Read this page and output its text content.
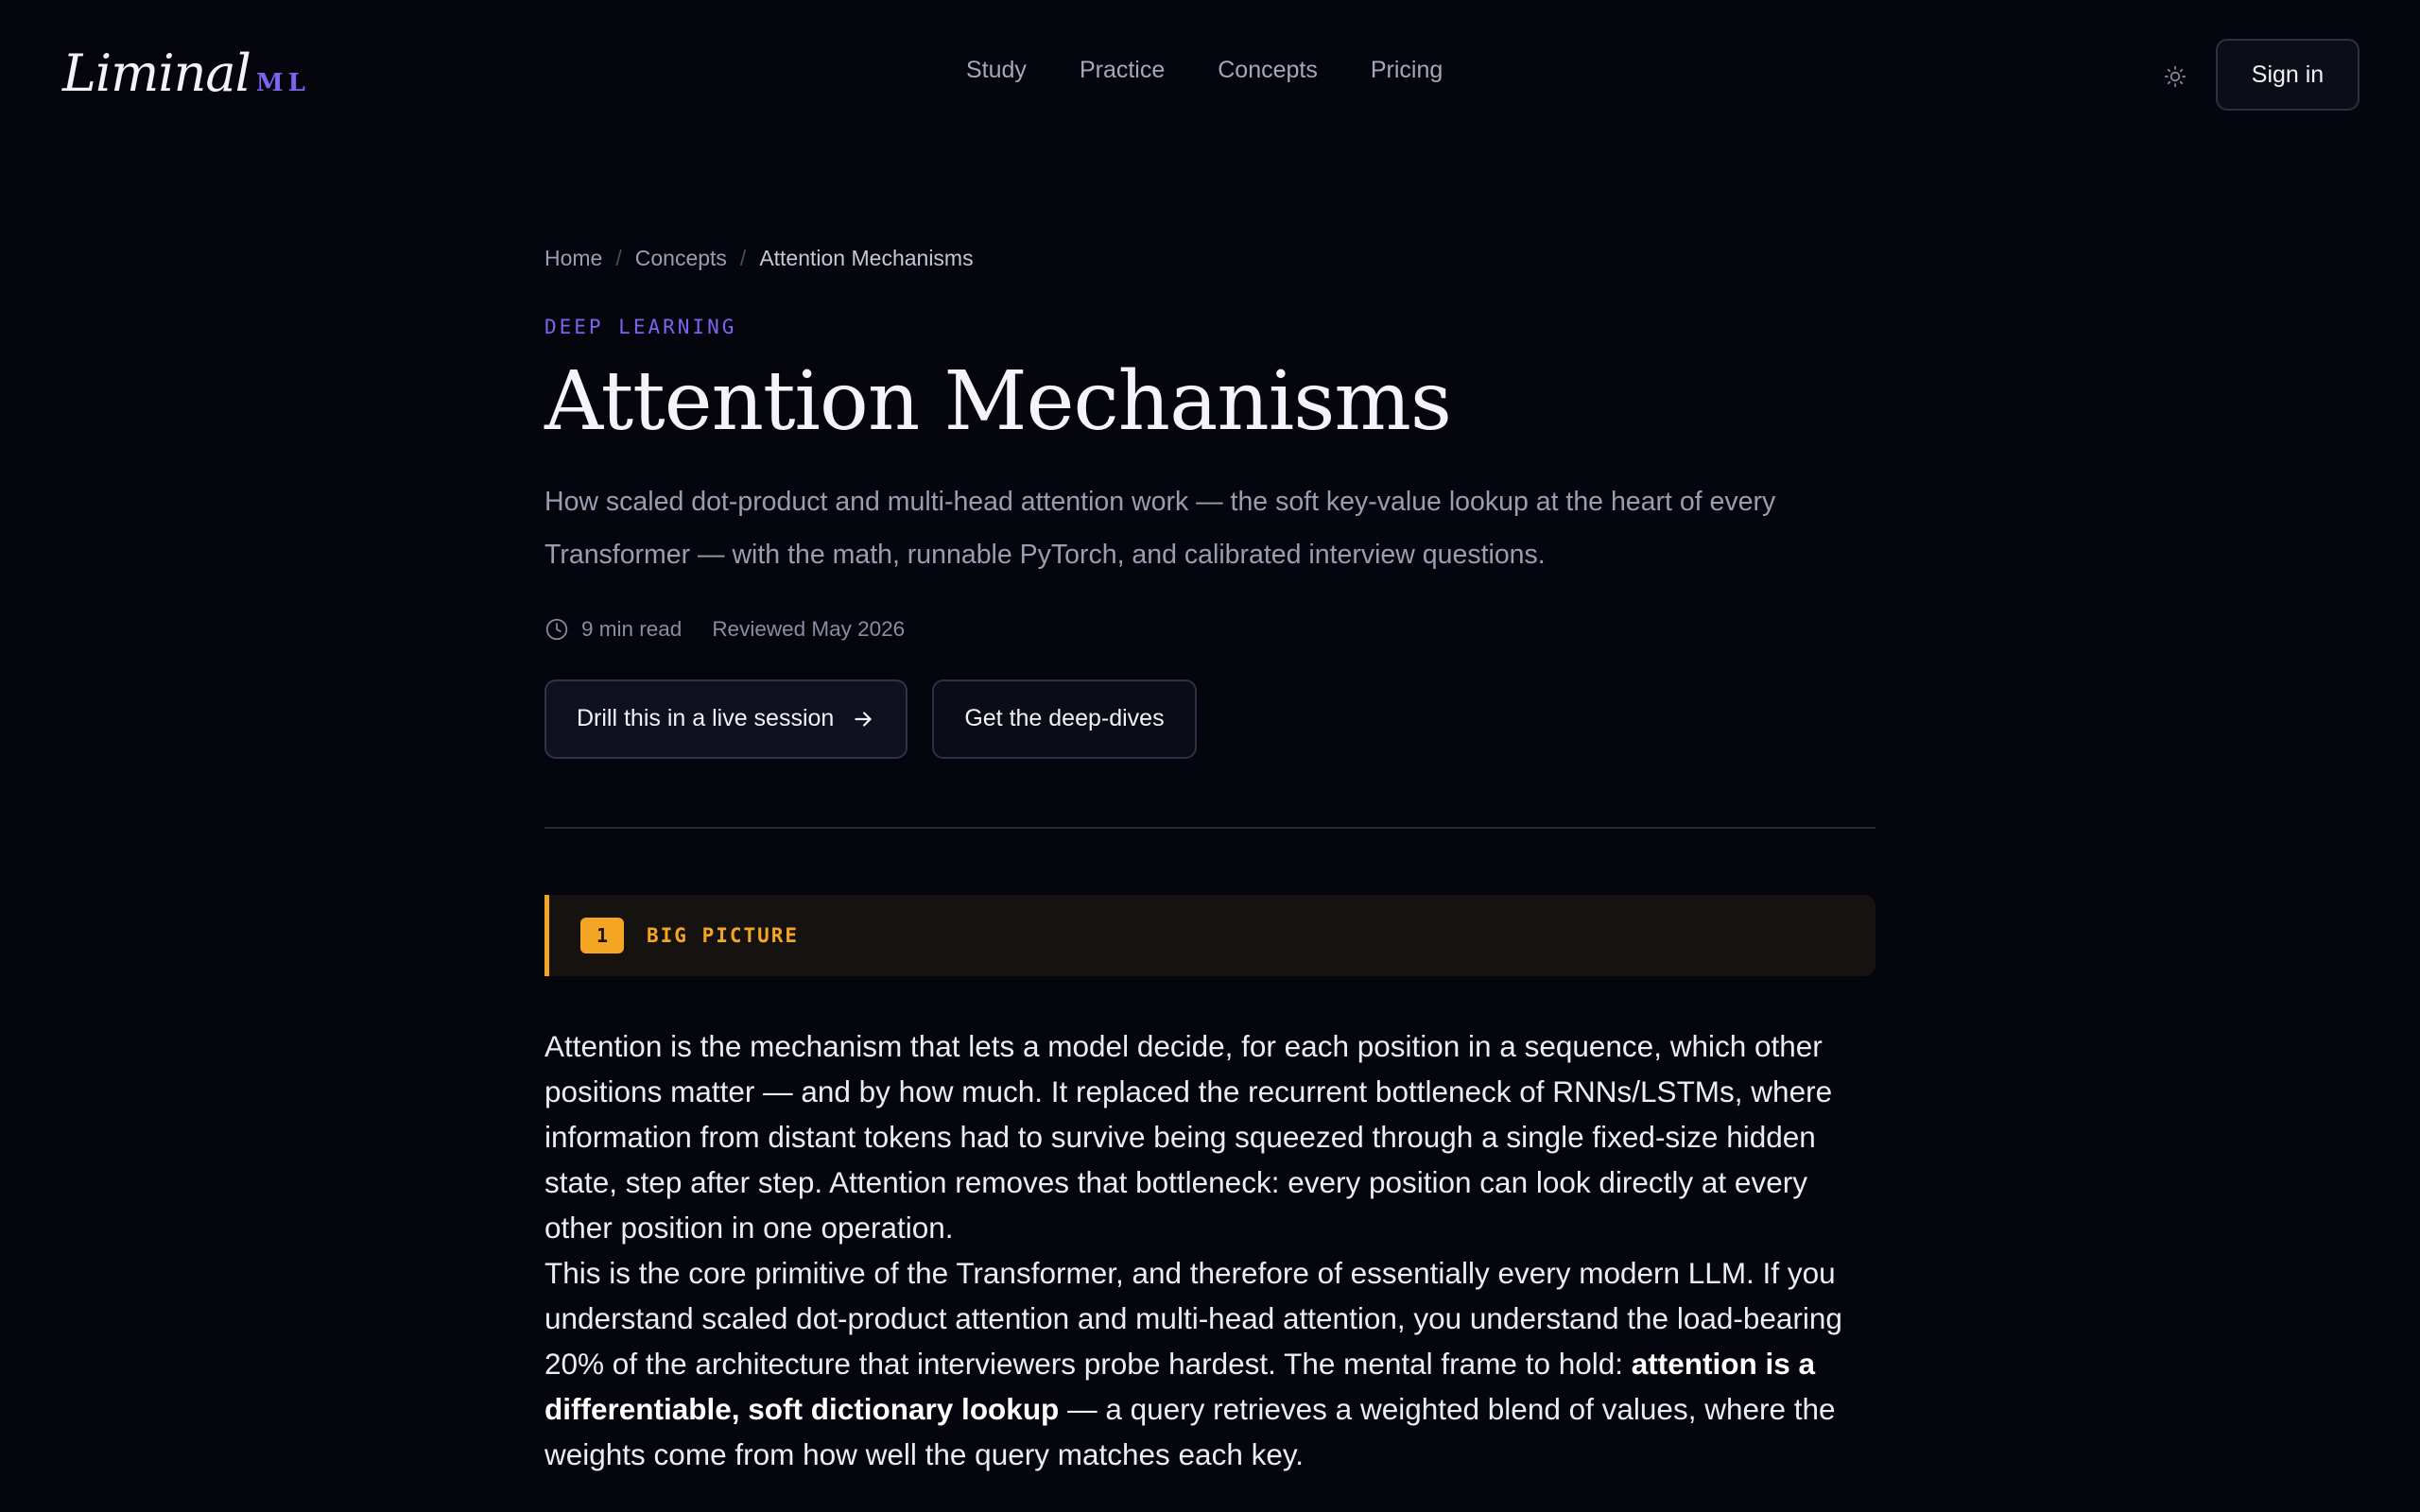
Liminal ML	Study Practice Concepts Pricing	Sign in
Home / Concepts / Attention Mechanisms
DEEP LEARNING
Attention Mechanisms
How scaled dot-product and multi-head attention work — the soft key-value lookup at the heart of every Transformer — with the math, runnable PyTorch, and calibrated interview questions.
9 min read Reviewed May 2026
Drill this in a live session	Get the deep-dives
1	BIG PICTURE

Attention is the mechanism that lets a model decide, for each position in a sequence, which other positions matter — and by how much. It replaced the recurrent bottleneck of RNNs/LSTMs, where information from distant tokens had to survive being squeezed through a single fixed-size hidden state, step after step. Attention removes that bottleneck: every position can look directly at every other position in one operation.

This is the core primitive of the Transformer, and therefore of essentially every modern LLM. If you understand scaled dot-product attention and multi-head attention, you understand the load-bearing 20% of the architecture that interviewers probe hardest. The mental frame to hold: attention is a differentiable, soft dictionary lookup — a query retrieves a weighted blend of values, where the weights come from how well the query matches each key.
